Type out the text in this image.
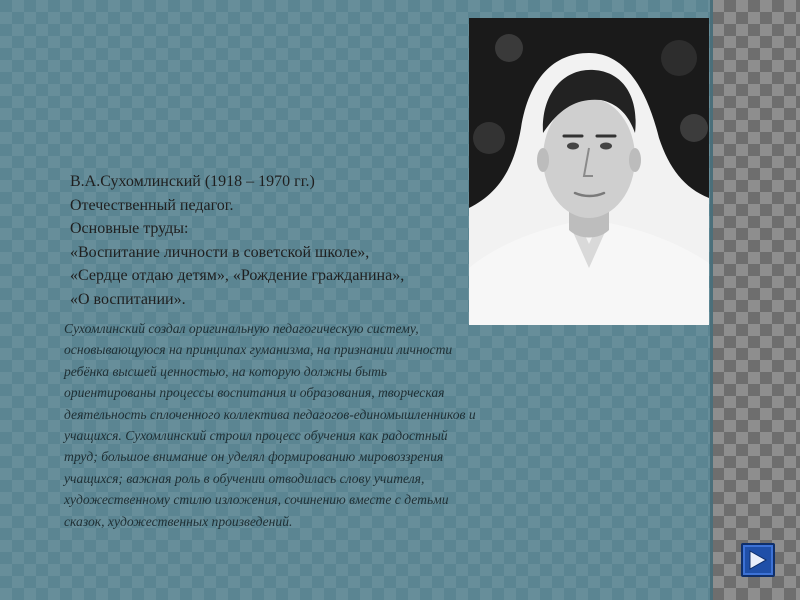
В.А.Сухомлинский (1918 – 1970 гг.)
Отечественный педагог.
Основные труды:
«Воспитание личности в советской школе»,
«Сердце отдаю детям», «Рождение гражданина»,
«О воспитании».
Сухомлинский создал оригинальную педагогическую систему,
основывающуюся на принципах гуманизма, на признании личности
ребёнка высшей ценностью, на которую должны быть
ориентированы процессы воспитания и образования, творческая
деятельность сплоченного коллектива педагогов-единомышленников и
учащихся. Сухомлинский строил процесс обучения как радостный
труд; большое внимание он уделял формированию мировоззрения
учащихся; важная роль в обучении отводилась слову учителя,
художественному стилю изложения, сочинению вместе с детьми
сказок, художественных произведений.
